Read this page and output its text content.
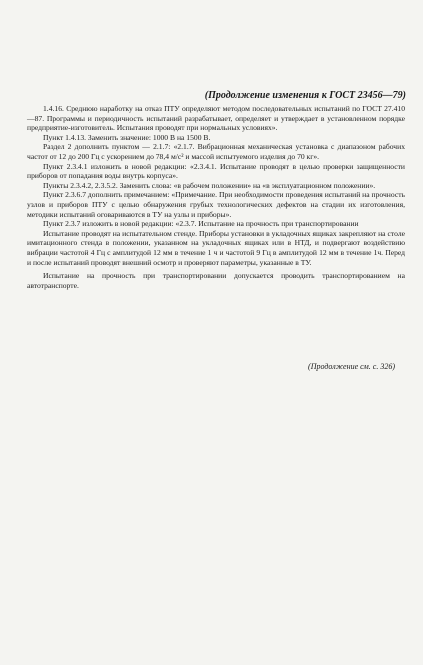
(Продолжение изменения к ГОСТ 23456—79)

1.4.16. Среднюю наработку на отказ ПТУ определяют методом последовательных испытаний по ГОСТ 27.410—87. Программы и периодичность испытаний разрабатывает, определяет и утверждает в установленном порядке предприятие-изготовитель. Испытания проводят при нормальных условиях».

Пункт 1.4.13. Заменить значение: 1000 В на 1500 В.

Раздел 2 дополнить пунктом — 2.1.7: «2.1.7. Вибрационная механическая установка с диапазоном рабочих частот от 12 до 200 Гц с ускорением до 78,4 м/с² и массой испытуемого изделия до 70 кг».

Пункт 2.3.4.1 изложить в новой редакции: «2.3.4.1. Испытание проводят в целью проверки защищенности приборов от попадания воды внутрь корпуса».

Пункты 2.3.4.2, 2.3.5.2. Заменить слова: «в рабочем положении» на «в эксплуатационном положении».

Пункт 2.3.6.7 дополнить примечанием: «Примечание. При необходимости проведения испытаний на прочность узлов и приборов ПТУ с целью обнаружения грубых технологических дефектов на стадии их изготовления, методики испытаний оговариваются в ТУ на узлы и приборы».

Пункт 2.3.7 изложить в новой редакции: «2.3.7. Испытание на прочность при транспортировании

Испытание проводят на испытательном стенде. Приборы установки в укладочных ящиках закрепляют на столе имитационного стенда в положении, указанном на укладочных ящиках или в НТД, и подвергают воздействию вибрации частотой 4 Гц с амплитудой 12 мм в течение 1 ч и частотой 9 Гц в амплитудой 12 мм в течение 1ч. Перед и после испытаний проводят внешний осмотр и проверяют параметры, указанные в ТУ.

Испытание на прочность при транспортировании допускается проводить транспортированием на автотранспорте.

(Продолжение см. с. 326)
